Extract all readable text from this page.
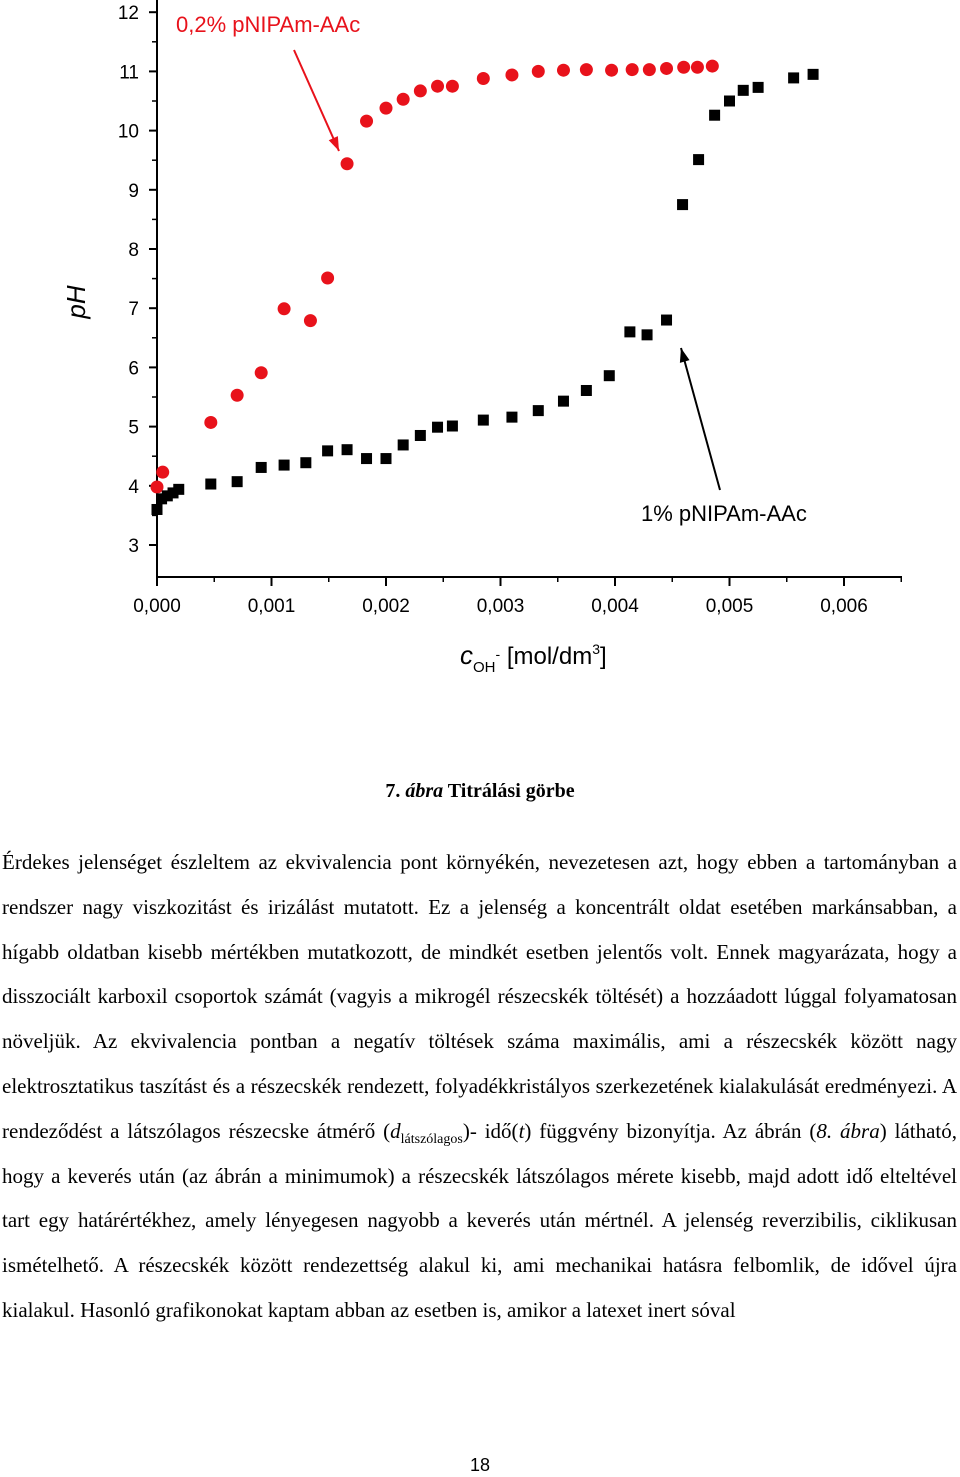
3
4
5
6
7
8
9
10
11
12
0,000	0,001	0,002	0,003	0,004	0,005	0,006
pH
$c_{OH}^-$ $[mol/dm^3]$
0,2% pNIPAm-AAc
1% pNIPAm-AAc
7. ábra Titrálási görbe

Érdekes jelenséget észleltem az ekvivalencia pont környékén, nevezetesen azt, hogy ebben a tartományban a rendszer nagy viszkozitást és irizálást mutatott. Ez a jelenség a koncentrált oldat esetében markánsabban, a hígabb oldatban kisebb mértékben mutatkozott, de mindkét esetben jelentős volt. Ennek magyarázata, hogy a disszociált karboxil csoportok számát (vagyis a mikrogél részecskék töltését) a hozzáadott lúggal folyamatosan növeljük. Az ekvivalencia pontban a negatív töltések száma maximális, ami a részecskék között nagy elektrosztatikus taszítást és a részecskék rendezett, folyadékkristályos szerkezetének kialakulását eredményezi. A rendeződést a látszólagos részecske átmérő $(d_{látszólagos})-$ idő(t) függvény bizonyítja. Az ábrán (8. ábra) látható, hogy a keverés után (az ábrán a minimumok) a részecskék látszólagos mérete kisebb, majd adott idő elteltével tart egy határértékhez, amely lényegesen nagyobb a keverés után mértnél. A jelenség reverzibilis, ciklikusan ismételhető. A részecskék között rendezettség alakul ki, ami mechanikai hatásra felbomlik, de idővel újra kialakul. Hasonló grafikonokat kaptam abban az esetben is, amikor a latexet inert sóval

18
